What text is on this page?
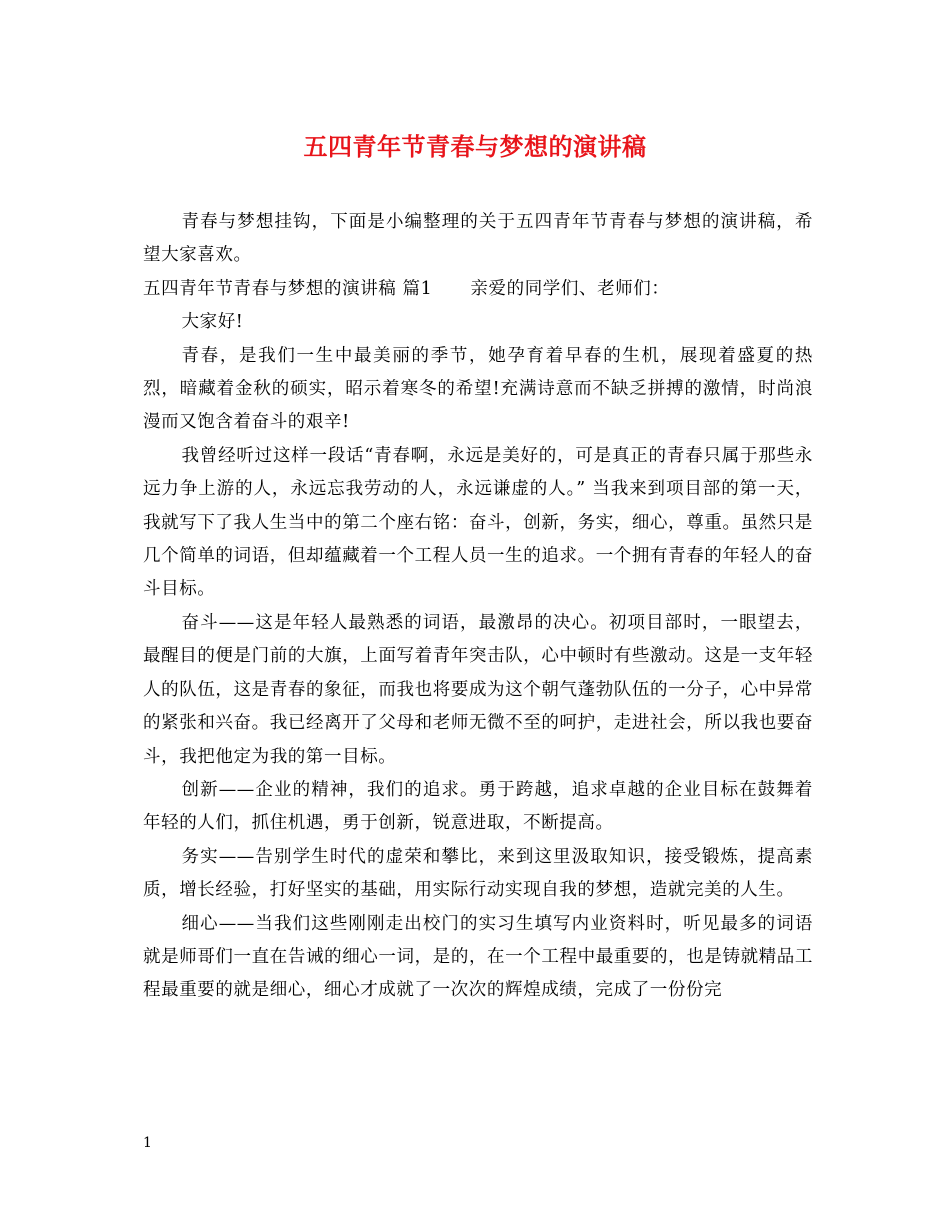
五四青年节青春与梦想的演讲稿

青春与梦想挂钩，下面是小编整理的关于五四青年节青春与梦想的演讲稿，希望大家喜欢。

五四青年节青春与梦想的演讲稿 篇1 亲爱的同学们、老师们：

大家好!

青春，是我们一生中最美丽的季节，她孕育着早春的生机，展现着盛夏的热烈，暗藏着金秋的硕实，昭示着寒冬的希望!充满诗意而不缺乏拼搏的激情，时尚浪漫而又饱含着奋斗的艰辛!

我曾经听过这样一段话“青春啊，永远是美好的，可是真正的青春只属于那些永远力争上游的人，永远忘我劳动的人，永远谦虚的人。” 当我来到项目部的第一天，我就写下了我人生当中的第二个座右铭：奋斗，创新，务实，细心，尊重。虽然只是几个简单的词语，但却蕴藏着一个工程人员一生的追求。一个拥有青春的年轻人的奋斗目标。

奋斗——这是年轻人最熟悉的词语，最激昂的决心。初项目部时，一眼望去，最醒目的便是门前的大旗，上面写着青年突击队，心中顿时有些激动。这是一支年轻人的队伍，这是青春的象征，而我也将要成为这个朝气蓬勃队伍的一分子，心中异常的紧张和兴奋。我已经离开了父母和老师无微不至的呵护，走进社会，所以我也要奋斗，我把他定为我的第一目标。

创新——企业的精神，我们的追求。勇于跨越，追求卓越的企业目标在鼓舞着年轻的人们，抓住机遇，勇于创新，锐意进取，不断提高。

务实——告别学生时代的虚荣和攀比，来到这里汲取知识，接受锻炼，提高素质，增长经验，打好坚实的基础，用实际行动实现自我的梦想，造就完美的人生。

细心——当我们这些刚刚走出校门的实习生填写内业资料时，听见最多的词语就是师哥们一直在告诫的细心一词，是的，在一个工程中最重要的，也是铸就精品工程最重要的就是细心，细心才成就了一次次的辉煌成绩，完成了一份份完

1
